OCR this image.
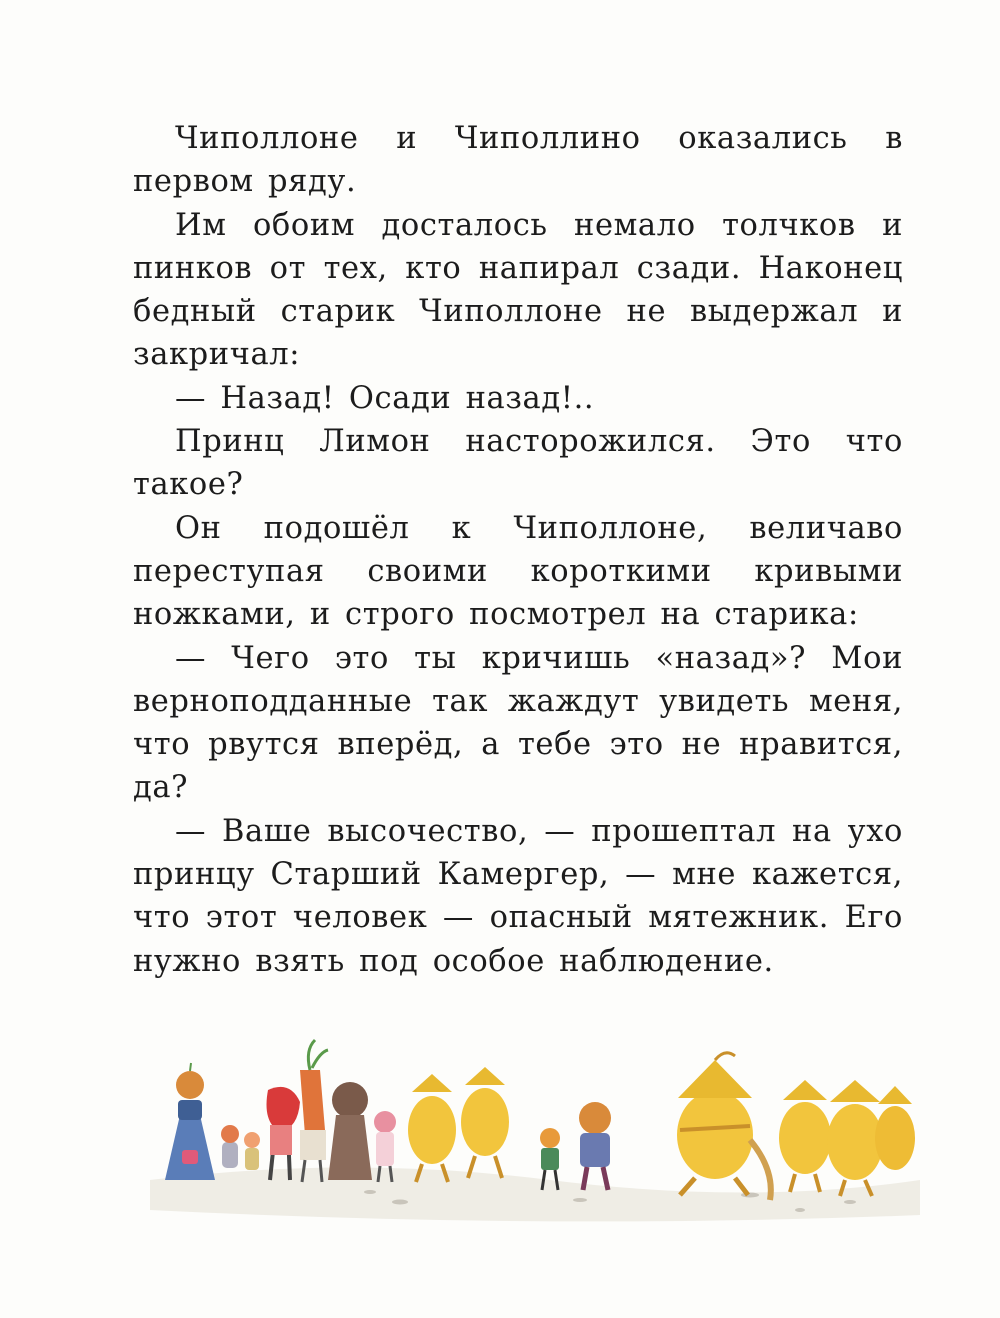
Чиполлоне и Чиполлино оказались в первом ряду.

Им обоим досталось немало толчков и пинков от тех, кто напирал сзади. Наконец бедный старик Чиполлоне не выдержал и закричал:

— Назад! Осади назад!..

Принц Лимон насторожился. Это что такое?

Он подошёл к Чиполлоне, величаво переступая своими короткими кривыми ножками, и строго посмотрел на старика:

— Чего это ты кричишь «назад»? Мои верноподданные так жаждут увидеть меня, что рвутся вперёд, а тебе это не нравится, да?

— Ваше высочество, — прошептал на ухо принцу Старший Камергер, — мне кажется, что этот человек — опасный мятежник. Его нужно взять под особое наблюдение.
